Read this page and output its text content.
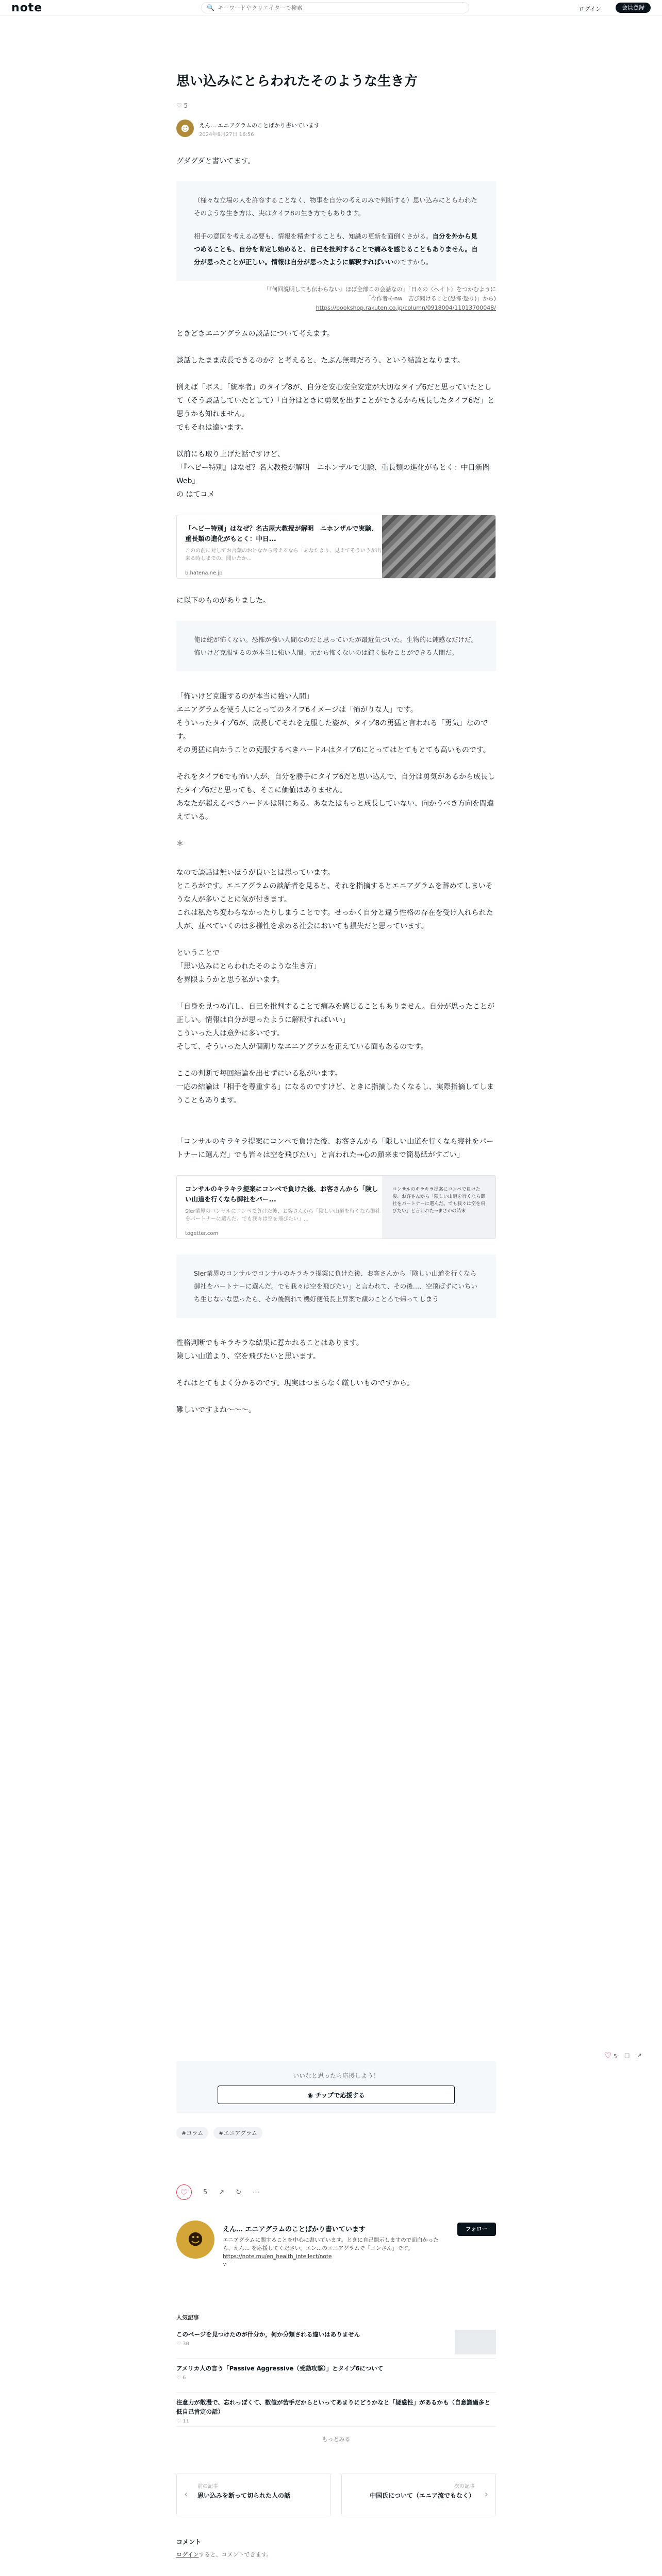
note	🔍
キーワードやクリエイターで検索	ログイン	会員登録
思い込みにとらわれたそのような生き方
♡ 5
☻	えん… エニアグラムのことばかり書いています
2024年8月27日 16:56

グダグダと書いてます。

（様々な立場の人を許容することなく、物事を自分の考えのみで判断する）思い込みにとらわれたそのような生き方は、実はタイプ8の生き方でもあります。

相手の意図を考える必要も、情報を精査することも、知識の更新を面倒くさがる。自分を外から見つめることも、自分を肯定し始めると、自己を批判することで痛みを感じることもありません。自分が思ったことが正しい。情報は自分が思ったように解釈すればいいのですから。

「『何回説明しても伝わらない』ほぼ全部この会話なの」「日々の〈ヘイト〉をつかむように
「今作者-(-nw　苦び聞けること(恐怖·怒り)」から)
https://bookshop.rakuten.co.jp/column/0918004/11013700048/

ときどきエニアグラムの談話について考えます。

談話したまま成長できるのか？と考えると、たぶん無理だろう、という結論となります。

例えば「ボス」「統率者」のタイプ8が、自分を安心安全安定が大切なタイプ6だと思っていたとして（そう談話していたとして）「自分はときに勇気を出すことができるから成長したタイプ6だ」と思うかも知れません。
でもそれは違います。

以前にも取り上げた話ですけど、
「『ヘビー特別』はなぜ？名大教授が解明　ニホンザルで実験、重長類の進化がもとく：中日新聞Web」
の はてコメ

「ヘビー特別」はなぜ？名古屋大教授が解明　ニホンザルで実験、重長類の進化がもとく：中日...
このの前に対してお言葉のおとなから考えるなら「あなたより、見えてそういうが出来る時しまでの、聞いたか...
b.hatena.ne.jp

に以下のものがありました。

俺は蛇が怖くない。恐怖が強い人間なのだと思っていたが最近気づいた。生物的に鈍感なだけだ。怖いけど克服するのが本当に強い人間。元から怖くないのは鈍く怯むことができる人間だ。

「怖いけど克服するのが本当に強い人間」
エニアグラムを使う人にとってのタイプ6イメージは「怖がりな人」です。
そういったタイプ6が、成長してそれを克服した姿が、タイプ8の勇猛と言われる「勇気」なのです。
その勇猛に向かうことの克服するべきハードルはタイプ6にとってはとてもとても高いものです。

それをタイプ6でも怖い人が、自分を勝手にタイプ6だと思い込んで、自分は勇気があるから成長したタイプ6だと思っても、そこに価値はありません。
あなたが超えるべきハードルは別にある。あなたはもっと成長していない、向かうべき方向を間違えている。

＊

なので談話は無いほうが良いとは思っています。
ところがです。エニアグラムの談話者を見ると、それを指摘するとエニアグラムを辞めてしまいそうな人が多いことに気が付きます。
これは私たち変わらなかったりしまうことです。せっかく自分と違う性格の存在を受け入れられた人が、並べていくのは多様性を求める社会においても損失だと思っています。

ということで
「思い込みにとらわれたそのような生き方」
を界限ようかと思う私がいます。

「自身を見つめ直し、自己を批判することで痛みを感じることもありません。自分が思ったことが正しい。情報は自分が思ったように解釈すればいい」
こういった人は意外に多いです。
そして、そういった人が個割りなエニアグラムを正えている面もあるのです。

ここの判断で毎回結論を出せずにいる私がいます。
一応の結論は「相手を尊重する」になるのですけど、ときに指摘したくなるし、実際指摘してしまうこともあります。

「コンサルのキラキラ提案にコンペで負けた後、お客さんから「限しい山道を行くなら寝社をパートナーに選んだ」でも皆々は空を飛びたい」と言われた→心の顔来まで簡易紙がすごい」

コンサルのキラキラ提案にコンペで負けた後、お客さんから「険しい山道を行くなら御社をパー...
SIer業界のコンサルにコンペで負けた後、お客さんから「険しい山道を行くなら御社をパートナーに選んだ、でも我々は空を飛びたい」...
togetter.com
コンサルのキラキラ提案にコンペで負けた後、お客さんから「険しい山道を行くなら御社をパートナーに選んだ。でも我々は空を飛びたい」と言われた→まさかの結末

SIer業界のコンサルでコンサルのキラキラ提案に負けた後、お客さんから「険しい山道を行くなら御社をパートナーに選んだ。でも我々は空を飛びたい」と言われて、その後…、空飛ばずにいちいち生じないな思ったら、その後倒れて機好便低長上昇案で顔のことろで帰ってしまう

性格判断でもキラキラな結果に惹かれることはあります。
険しい山道より、空を飛びたいと思います。

それはとてもよく分かるのです。現実はつまらなく厳しいものですから。

難しいですよね〜〜〜。

♡ 5 □ ↗
いいなと思ったら応援しよう！
◉ チップで応援する
#コラム	#エニアグラム
♡ 5 ↗ ↻ ⋯
☻
えん… エニアグラムのことばかり書いています	フォロー
エニアグラムに関することを中心に書いています。ときに自己開示しますので面白かったら、えん… を応援してください。エン…のエニアグラムで「エンさん」です。 https://note.mu/en_health_intellect/note
∵
人気記事
このページを見つけたのが什分か，何か分類される違いはありません
♡ 30
アメリカ人の言う「Passive Aggressive（受動攻撃）」とタイプ6について
♡ 6
注意力が散漫で、忘れっぽくて、数値が苦手だからといってあまりにどうかなと「疑惑性」があるかも（自意識過多と低自己肯定の話）
♡ 11
もっとみる
‹
前の記事
思い込みを断って切られた人の話	›
次の記事
中国氏について（エニア流でもなく）
コメント
ログインすると、コメントできます。
